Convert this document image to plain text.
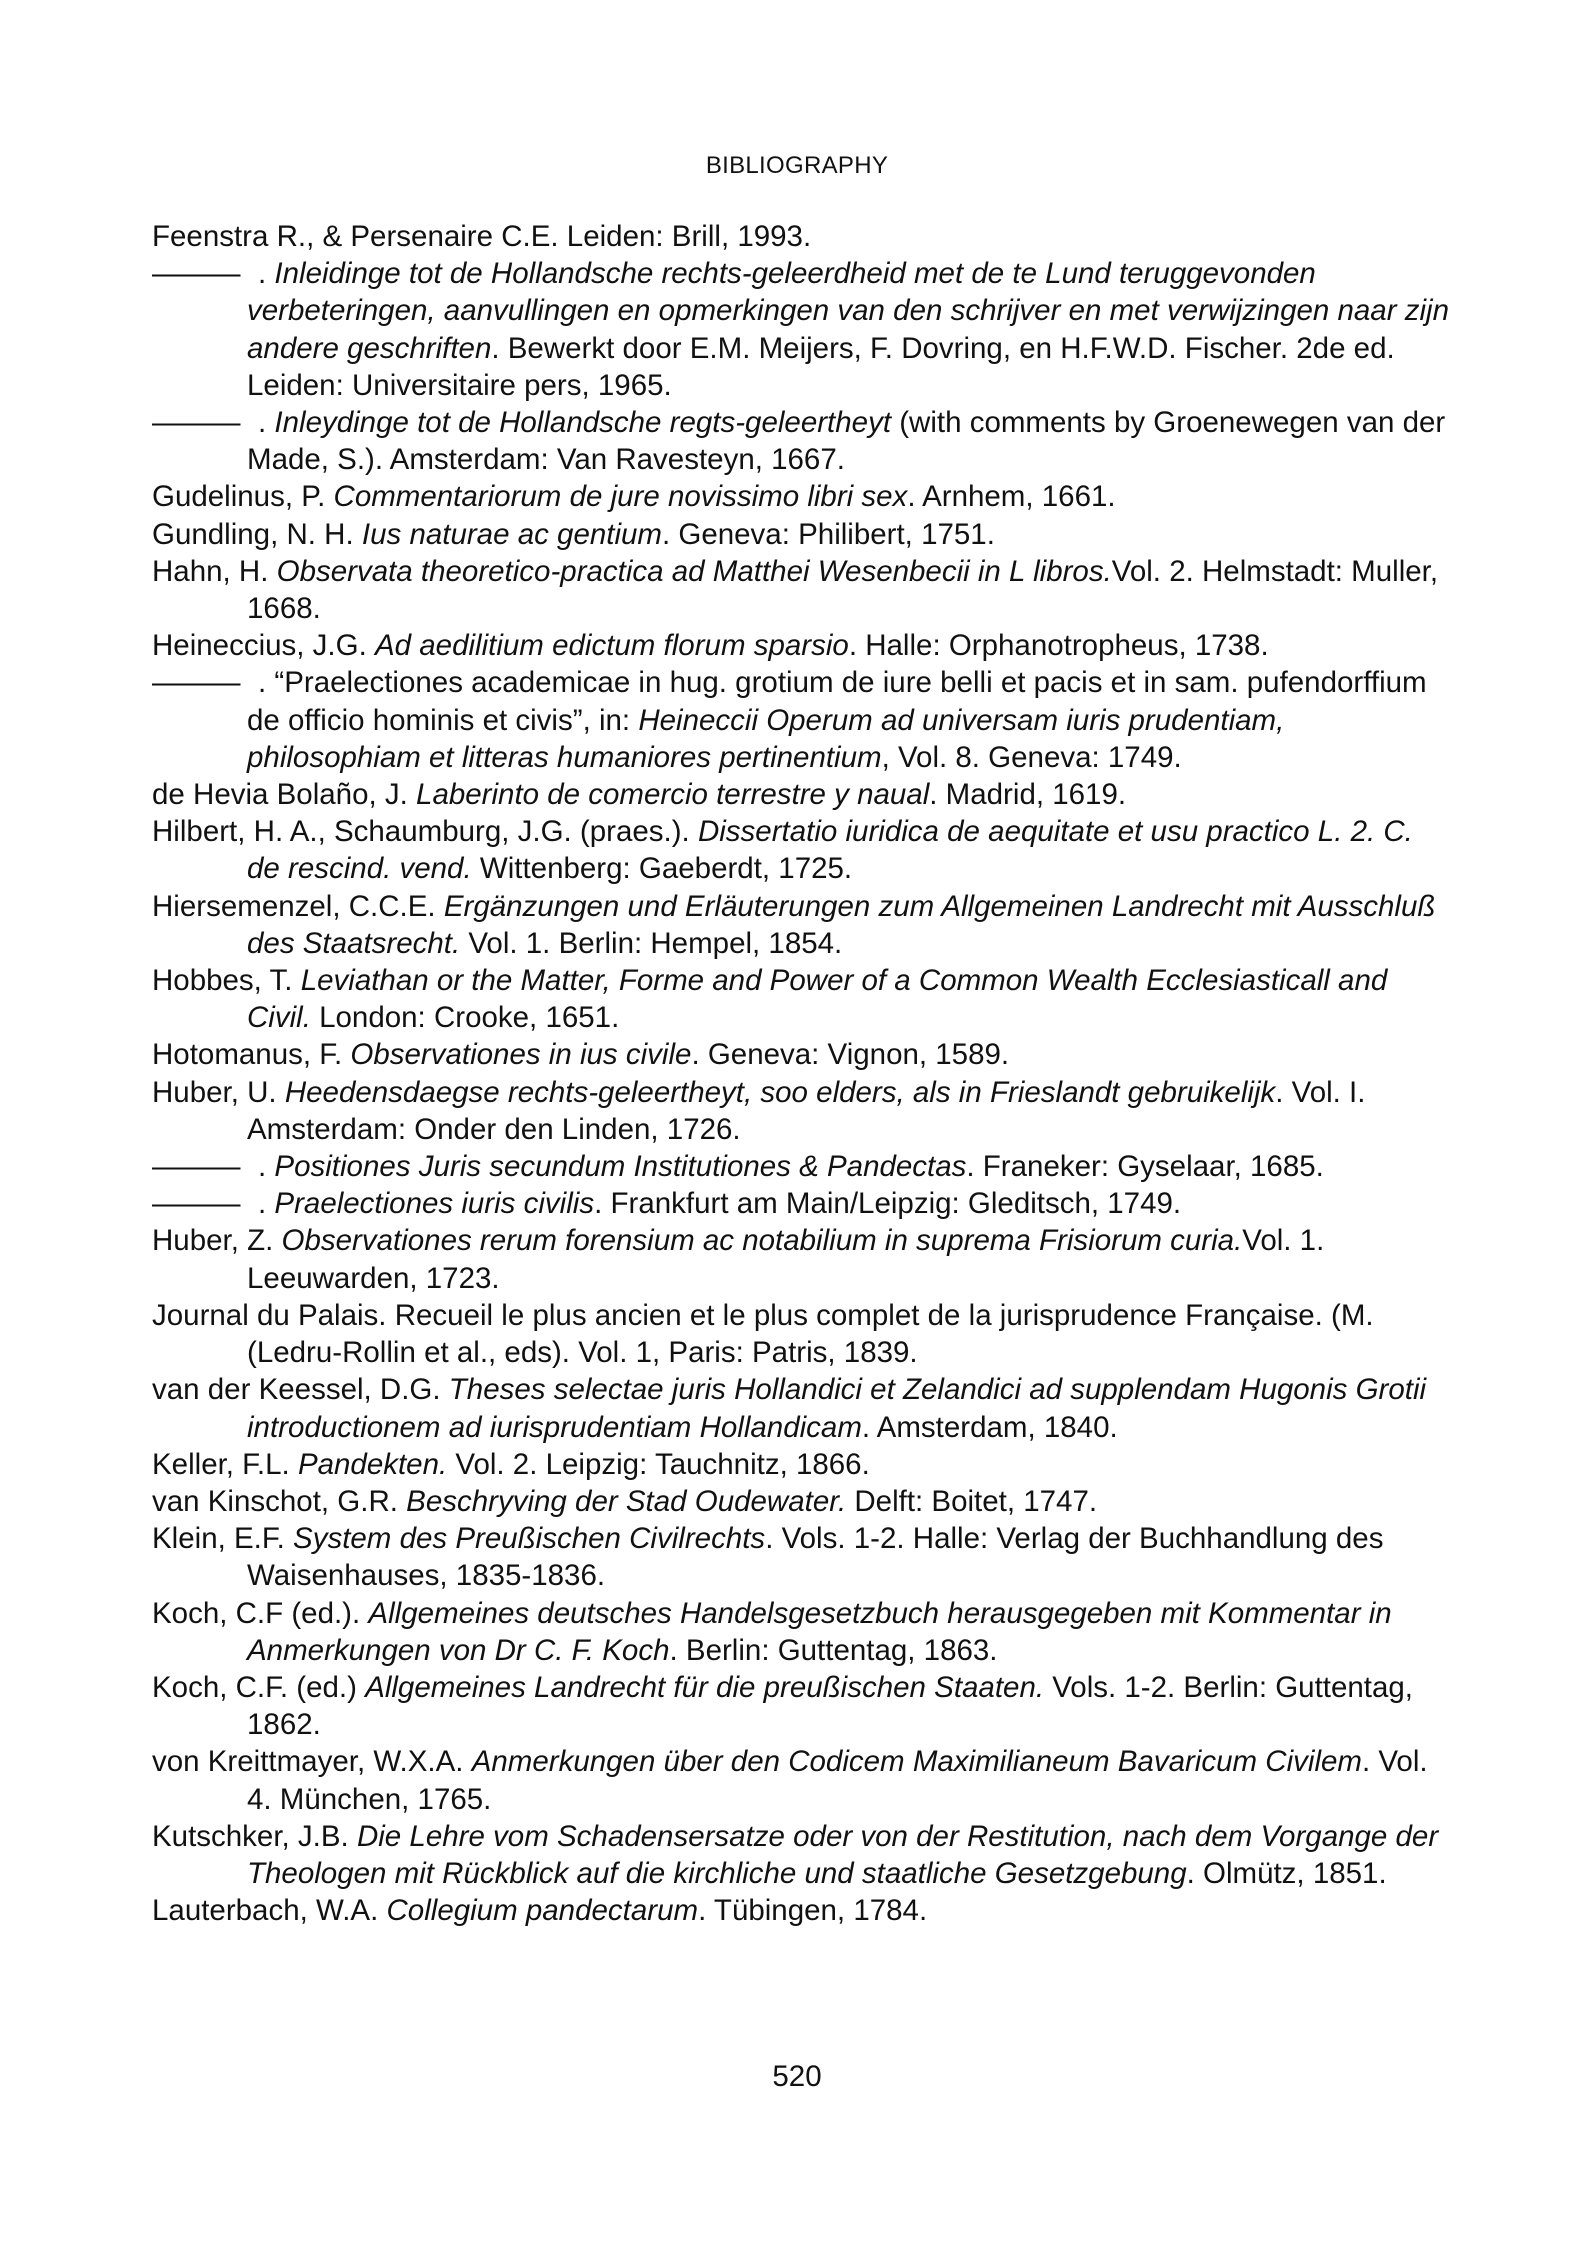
BIBLIOGRAPHY
Feenstra R., & Persenaire C.E. Leiden: Brill, 1993.
——— . Inleidinge tot de Hollandsche rechts-geleerdheid met de te Lund teruggevonden verbeteringen, aanvullingen en opmerkingen van den schrijver en met verwijzingen naar zijn andere geschriften. Bewerkt door E.M. Meijers, F. Dovring, en H.F.W.D. Fischer. 2de ed. Leiden: Universitaire pers, 1965.
——— . Inleydinge tot de Hollandsche regts-geleertheyt (with comments by Groenewegen van der Made, S.). Amsterdam: Van Ravesteyn, 1667.
Gudelinus, P. Commentariorum de jure novissimo libri sex. Arnhem, 1661.
Gundling, N. H. Ius naturae ac gentium. Geneva: Philibert, 1751.
Hahn, H. Observata theoretico-practica ad Matthei Wesenbecii in L libros.Vol. 2. Helmstadt: Muller, 1668.
Heineccius, J.G. Ad aedilitium edictum florum sparsio. Halle: Orphanotropheus, 1738.
——— . “Praelectiones academicae in hug. grotium de iure belli et pacis et in sam. pufendorffium de officio hominis et civis”, in: Heineccii Operum ad universam iuris prudentiam, philosophiam et litteras humaniores pertinentium, Vol. 8. Geneva: 1749.
de Hevia Bolaño, J. Laberinto de comercio terrestre y naual. Madrid, 1619.
Hilbert, H. A., Schaumburg, J.G. (praes.). Dissertatio iuridica de aequitate et usu practico L. 2. C. de rescind. vend. Wittenberg: Gaeberdt, 1725.
Hiersemenzel, C.C.E. Ergänzungen und Erläuterungen zum Allgemeinen Landrecht mit Ausschluß des Staatsrecht. Vol. 1. Berlin: Hempel, 1854.
Hobbes, T. Leviathan or the Matter, Forme and Power of a Common Wealth Ecclesiasticall and Civil. London: Crooke, 1651.
Hotomanus, F. Observationes in ius civile. Geneva: Vignon, 1589.
Huber, U. Heedensdaegse rechts-geleertheyt, soo elders, als in Frieslandt gebruikelijk. Vol. I. Amsterdam: Onder den Linden, 1726.
——— . Positiones Juris secundum Institutiones & Pandectas. Franeker: Gyselaar, 1685.
——— . Praelectiones iuris civilis. Frankfurt am Main/Leipzig: Gleditsch, 1749.
Huber, Z. Observationes rerum forensium ac notabilium in suprema Frisiorum curia.Vol. 1. Leeuwarden, 1723.
Journal du Palais. Recueil le plus ancien et le plus complet de la jurisprudence Française. (M. (Ledru-Rollin et al., eds). Vol. 1, Paris: Patris, 1839.
van der Keessel, D.G. Theses selectae juris Hollandici et Zelandici ad supplendam Hugonis Grotii introductionem ad iurisprudentiam Hollandicam. Amsterdam, 1840.
Keller, F.L. Pandekten. Vol. 2. Leipzig: Tauchnitz, 1866.
van Kinschot, G.R. Beschryving der Stad Oudewater. Delft: Boitet, 1747.
Klein, E.F. System des Preußischen Civilrechts. Vols. 1-2. Halle: Verlag der Buchhandlung des Waisenhauses, 1835-1836.
Koch, C.F (ed.). Allgemeines deutsches Handelsgesetzbuch herausgegeben mit Kommentar in Anmerkungen von Dr C. F. Koch. Berlin: Guttentag, 1863.
Koch, C.F. (ed.) Allgemeines Landrecht für die preußischen Staaten. Vols. 1-2. Berlin: Guttentag, 1862.
von Kreittmayer, W.X.A. Anmerkungen über den Codicem Maximilianeum Bavaricum Civilem. Vol. 4. München, 1765.
Kutschker, J.B. Die Lehre vom Schadensersatze oder von der Restitution, nach dem Vorgange der Theologen mit Rückblick auf die kirchliche und staatliche Gesetzgebung. Olmütz, 1851.
Lauterbach, W.A. Collegium pandectarum. Tübingen, 1784.
520
